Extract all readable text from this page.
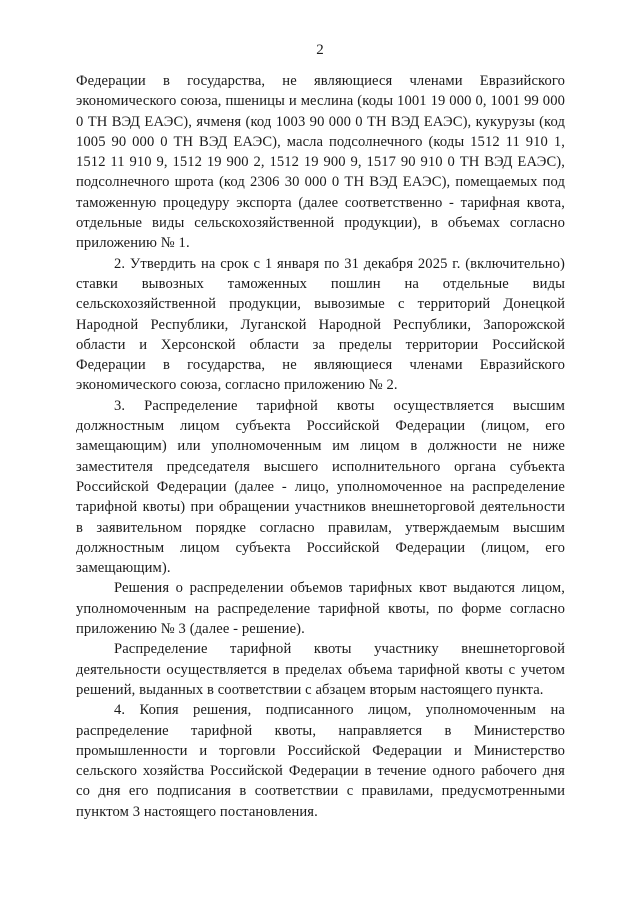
2

Федерации в государства, не являющиеся членами Евразийского экономического союза, пшеницы и меслина (коды 1001 19 000 0, 1001 99 000 0 ТН ВЭД ЕАЭС), ячменя (код 1003 90 000 0 ТН ВЭД ЕАЭС), кукурузы (код 1005 90 000 0 ТН ВЭД ЕАЭС), масла подсолнечного (коды 1512 11 910 1, 1512 11 910 9, 1512 19 900 2, 1512 19 900 9, 1517 90 910 0 ТН ВЭД ЕАЭС), подсолнечного шрота (код 2306 30 000 0 ТН ВЭД ЕАЭС), помещаемых под таможенную процедуру экспорта (далее соответственно - тарифная квота, отдельные виды сельскохозяйственной продукции), в объемах согласно приложению № 1.

2. Утвердить на срок с 1 января по 31 декабря 2025 г. (включительно) ставки вывозных таможенных пошлин на отдельные виды сельскохозяйственной продукции, вывозимые с территорий Донецкой Народной Республики, Луганской Народной Республики, Запорожской области и Херсонской области за пределы территории Российской Федерации в государства, не являющиеся членами Евразийского экономического союза, согласно приложению № 2.

3. Распределение тарифной квоты осуществляется высшим должностным лицом субъекта Российской Федерации (лицом, его замещающим) или уполномоченным им лицом в должности не ниже заместителя председателя высшего исполнительного органа субъекта Российской Федерации (далее - лицо, уполномоченное на распределение тарифной квоты) при обращении участников внешнеторговой деятельности в заявительном порядке согласно правилам, утверждаемым высшим должностным лицом субъекта Российской Федерации (лицом, его замещающим).

Решения о распределении объемов тарифных квот выдаются лицом, уполномоченным на распределение тарифной квоты, по форме согласно приложению № 3 (далее - решение).

Распределение тарифной квоты участнику внешнеторговой деятельности осуществляется в пределах объема тарифной квоты с учетом решений, выданных в соответствии с абзацем вторым настоящего пункта.

4. Копия решения, подписанного лицом, уполномоченным на распределение тарифной квоты, направляется в Министерство промышленности и торговли Российской Федерации и Министерство сельского хозяйства Российской Федерации в течение одного рабочего дня со дня его подписания в соответствии с правилами, предусмотренными пунктом 3 настоящего постановления.
